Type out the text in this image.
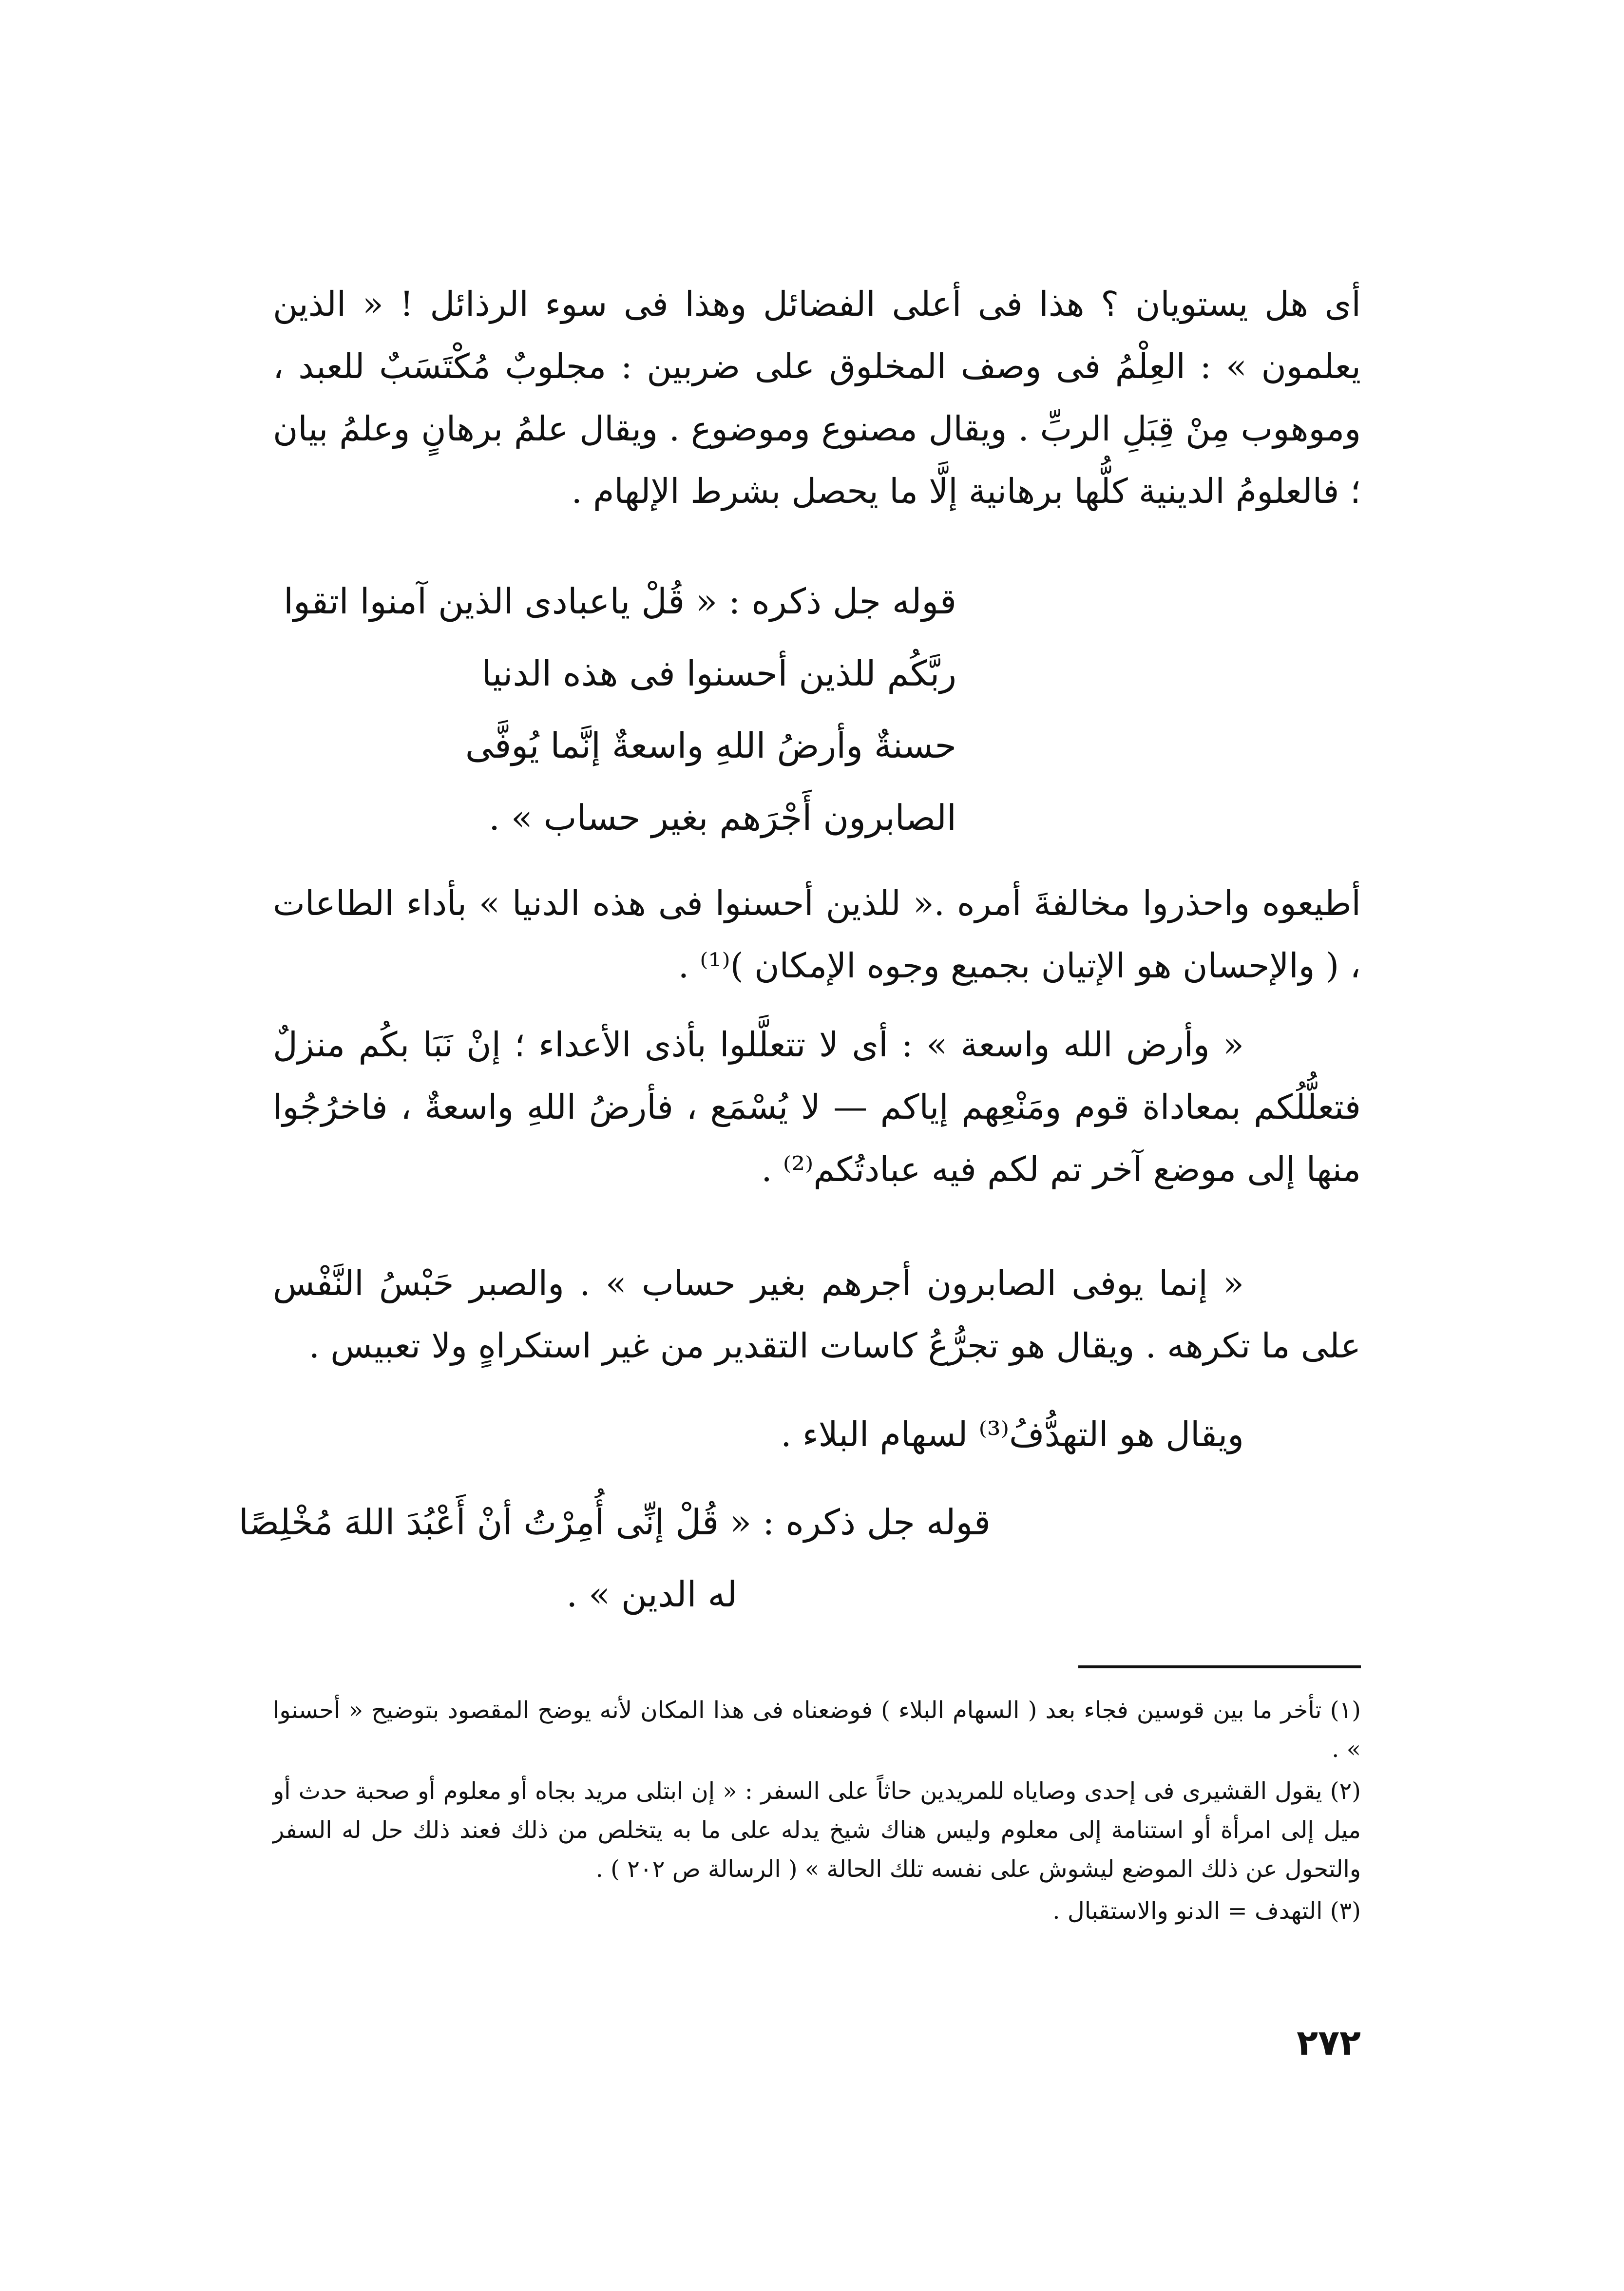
أى هل يستويان ؟ هذا فى أعلى الفضائل وهذا فى سوء الرذائل ! « الذين يعلمون » : العِلْمُ فى وصف المخلوق على ضربين : مجلوبٌ مُكْتَسَبٌ للعبد ، وموهوب مِنْ قِبَلِ الربِّ . ويقال مصنوع وموضوع . ويقال علمُ برهانٍ وعلمُ بيان ؛ فالعلومُ الدينية كلُّها برهانية إلَّا ما يحصل بشرط الإلهام .

قوله جل ذكره : « قُلْ ياعبادى الذين آمنوا اتقوا
ربَّكُم للذين أحسنوا فى هذه الدنيا
حسنةٌ وأرضُ اللهِ واسعةٌ إنَّما يُوفَّى
الصابرون أَجْرَهم بغير حساب » .

أطيعوه واحذروا مخالفةَ أمره .« للذين أحسنوا فى هذه الدنيا » بأداء الطاعات ، ( والإحسان هو الإتيان بجميع وجوه الإمكان )⁽¹⁾ .

« وأرض الله واسعة » : أى لا تتعلَّلوا بأذى الأعداء ؛ إنْ نَبَا بكُم منزلٌ فتعلُّلُكم بمعاداة قوم ومَنْعِهم إياكم — لا يُسْمَع ، فأرضُ اللهِ واسعةٌ ، فاخرُجُوا منها إلى موضع آخر تم لكم فيه عبادتُكم⁽²⁾ .

« إنما يوفى الصابرون أجرهم بغير حساب » . والصبر حَبْسُ النَّفْس على ما تكرهه . ويقال هو تجرُّعُ كاسات التقدير من غير استكراهٍ ولا تعبيس .

ويقال هو التهدُّفُ⁽³⁾ لسهام البلاء .

قوله جل ذكره : « قُلْ إنِّى أُمِرْتُ أنْ أَعْبُدَ اللهَ مُخْلِصًا
له الدين » .

(١) تأخر ما بين قوسين فجاء بعد ( السهام البلاء ) فوضعناه فى هذا المكان لأنه يوضح المقصود بتوضيح « أحسنوا » .

(٢) يقول القشيرى فى إحدى وصاياه للمريدين حاثاً على السفر : « إن ابتلى مريد بجاه أو معلوم أو صحبة حدث أو ميل إلى امرأة أو استنامة إلى معلوم وليس هناك شيخ يدله على ما به يتخلص من ذلك فعند ذلك حل له السفر والتحول عن ذلك الموضع ليشوش على نفسه تلك الحالة » ( الرسالة ص ٢٠٢ ) .

(٣) التهدف = الدنو والاستقبال .

٢٧٢
